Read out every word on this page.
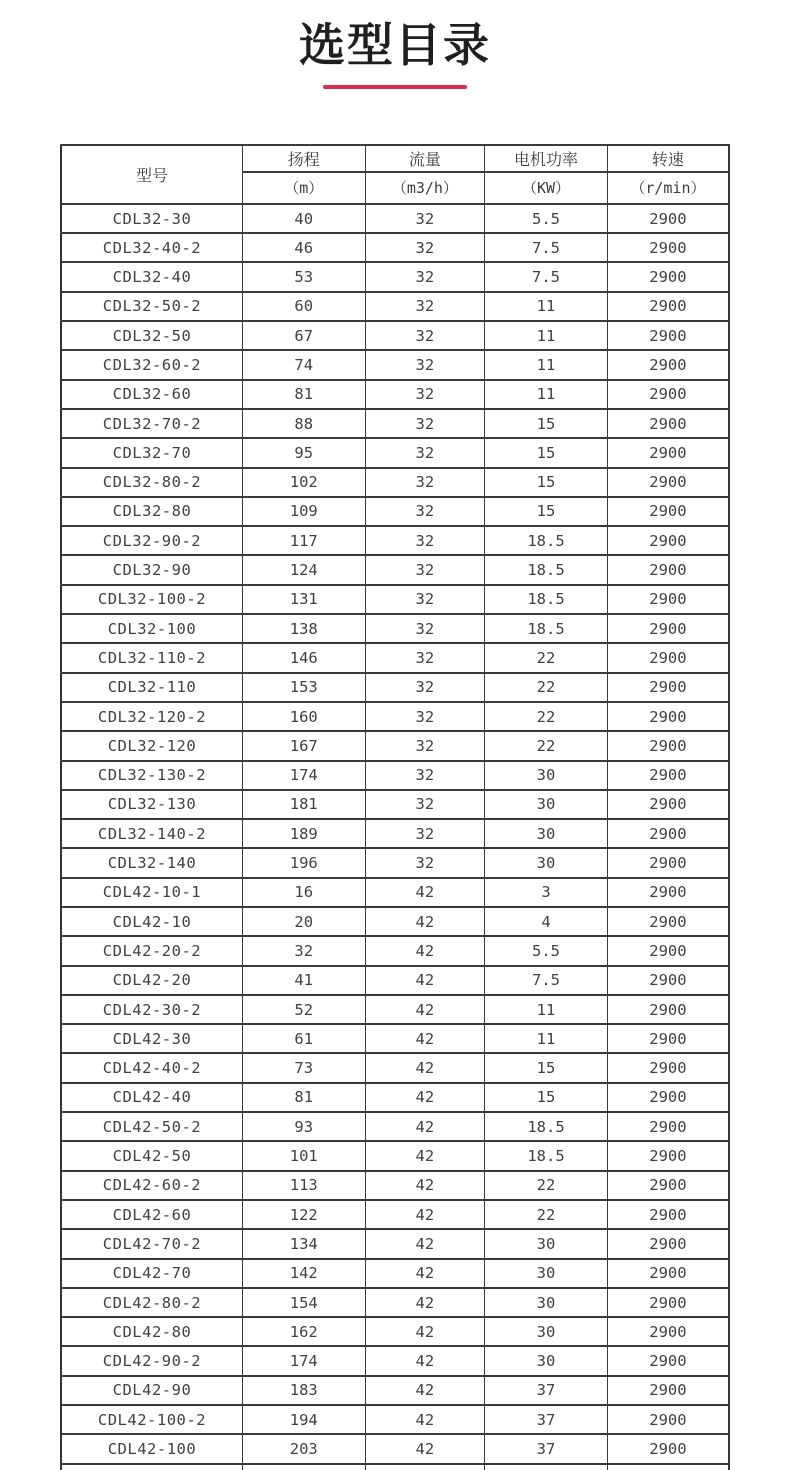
选型目录
型号	扬程	流量	电机功率	转速
	（m）	（m3/h）	（KW）	（r/min）
CDL32-30	40	32	5.5	2900
CDL32-40-2	46	32	7.5	2900
CDL32-40	53	32	7.5	2900
CDL32-50-2	60	32	11	2900
CDL32-50	67	32	11	2900
CDL32-60-2	74	32	11	2900
CDL32-60	81	32	11	2900
CDL32-70-2	88	32	15	2900
CDL32-70	95	32	15	2900
CDL32-80-2	102	32	15	2900
CDL32-80	109	32	15	2900
CDL32-90-2	117	32	18.5	2900
CDL32-90	124	32	18.5	2900
CDL32-100-2	131	32	18.5	2900
CDL32-100	138	32	18.5	2900
CDL32-110-2	146	32	22	2900
CDL32-110	153	32	22	2900
CDL32-120-2	160	32	22	2900
CDL32-120	167	32	22	2900
CDL32-130-2	174	32	30	2900
CDL32-130	181	32	30	2900
CDL32-140-2	189	32	30	2900
CDL32-140	196	32	30	2900
CDL42-10-1	16	42	3	2900
CDL42-10	20	42	4	2900
CDL42-20-2	32	42	5.5	2900
CDL42-20	41	42	7.5	2900
CDL42-30-2	52	42	11	2900
CDL42-30	61	42	11	2900
CDL42-40-2	73	42	15	2900
CDL42-40	81	42	15	2900
CDL42-50-2	93	42	18.5	2900
CDL42-50	101	42	18.5	2900
CDL42-60-2	113	42	22	2900
CDL42-60	122	42	22	2900
CDL42-70-2	134	42	30	2900
CDL42-70	142	42	30	2900
CDL42-80-2	154	42	30	2900
CDL42-80	162	42	30	2900
CDL42-90-2	174	42	30	2900
CDL42-90	183	42	37	2900
CDL42-100-2	194	42	37	2900
CDL42-100	203	42	37	2900
